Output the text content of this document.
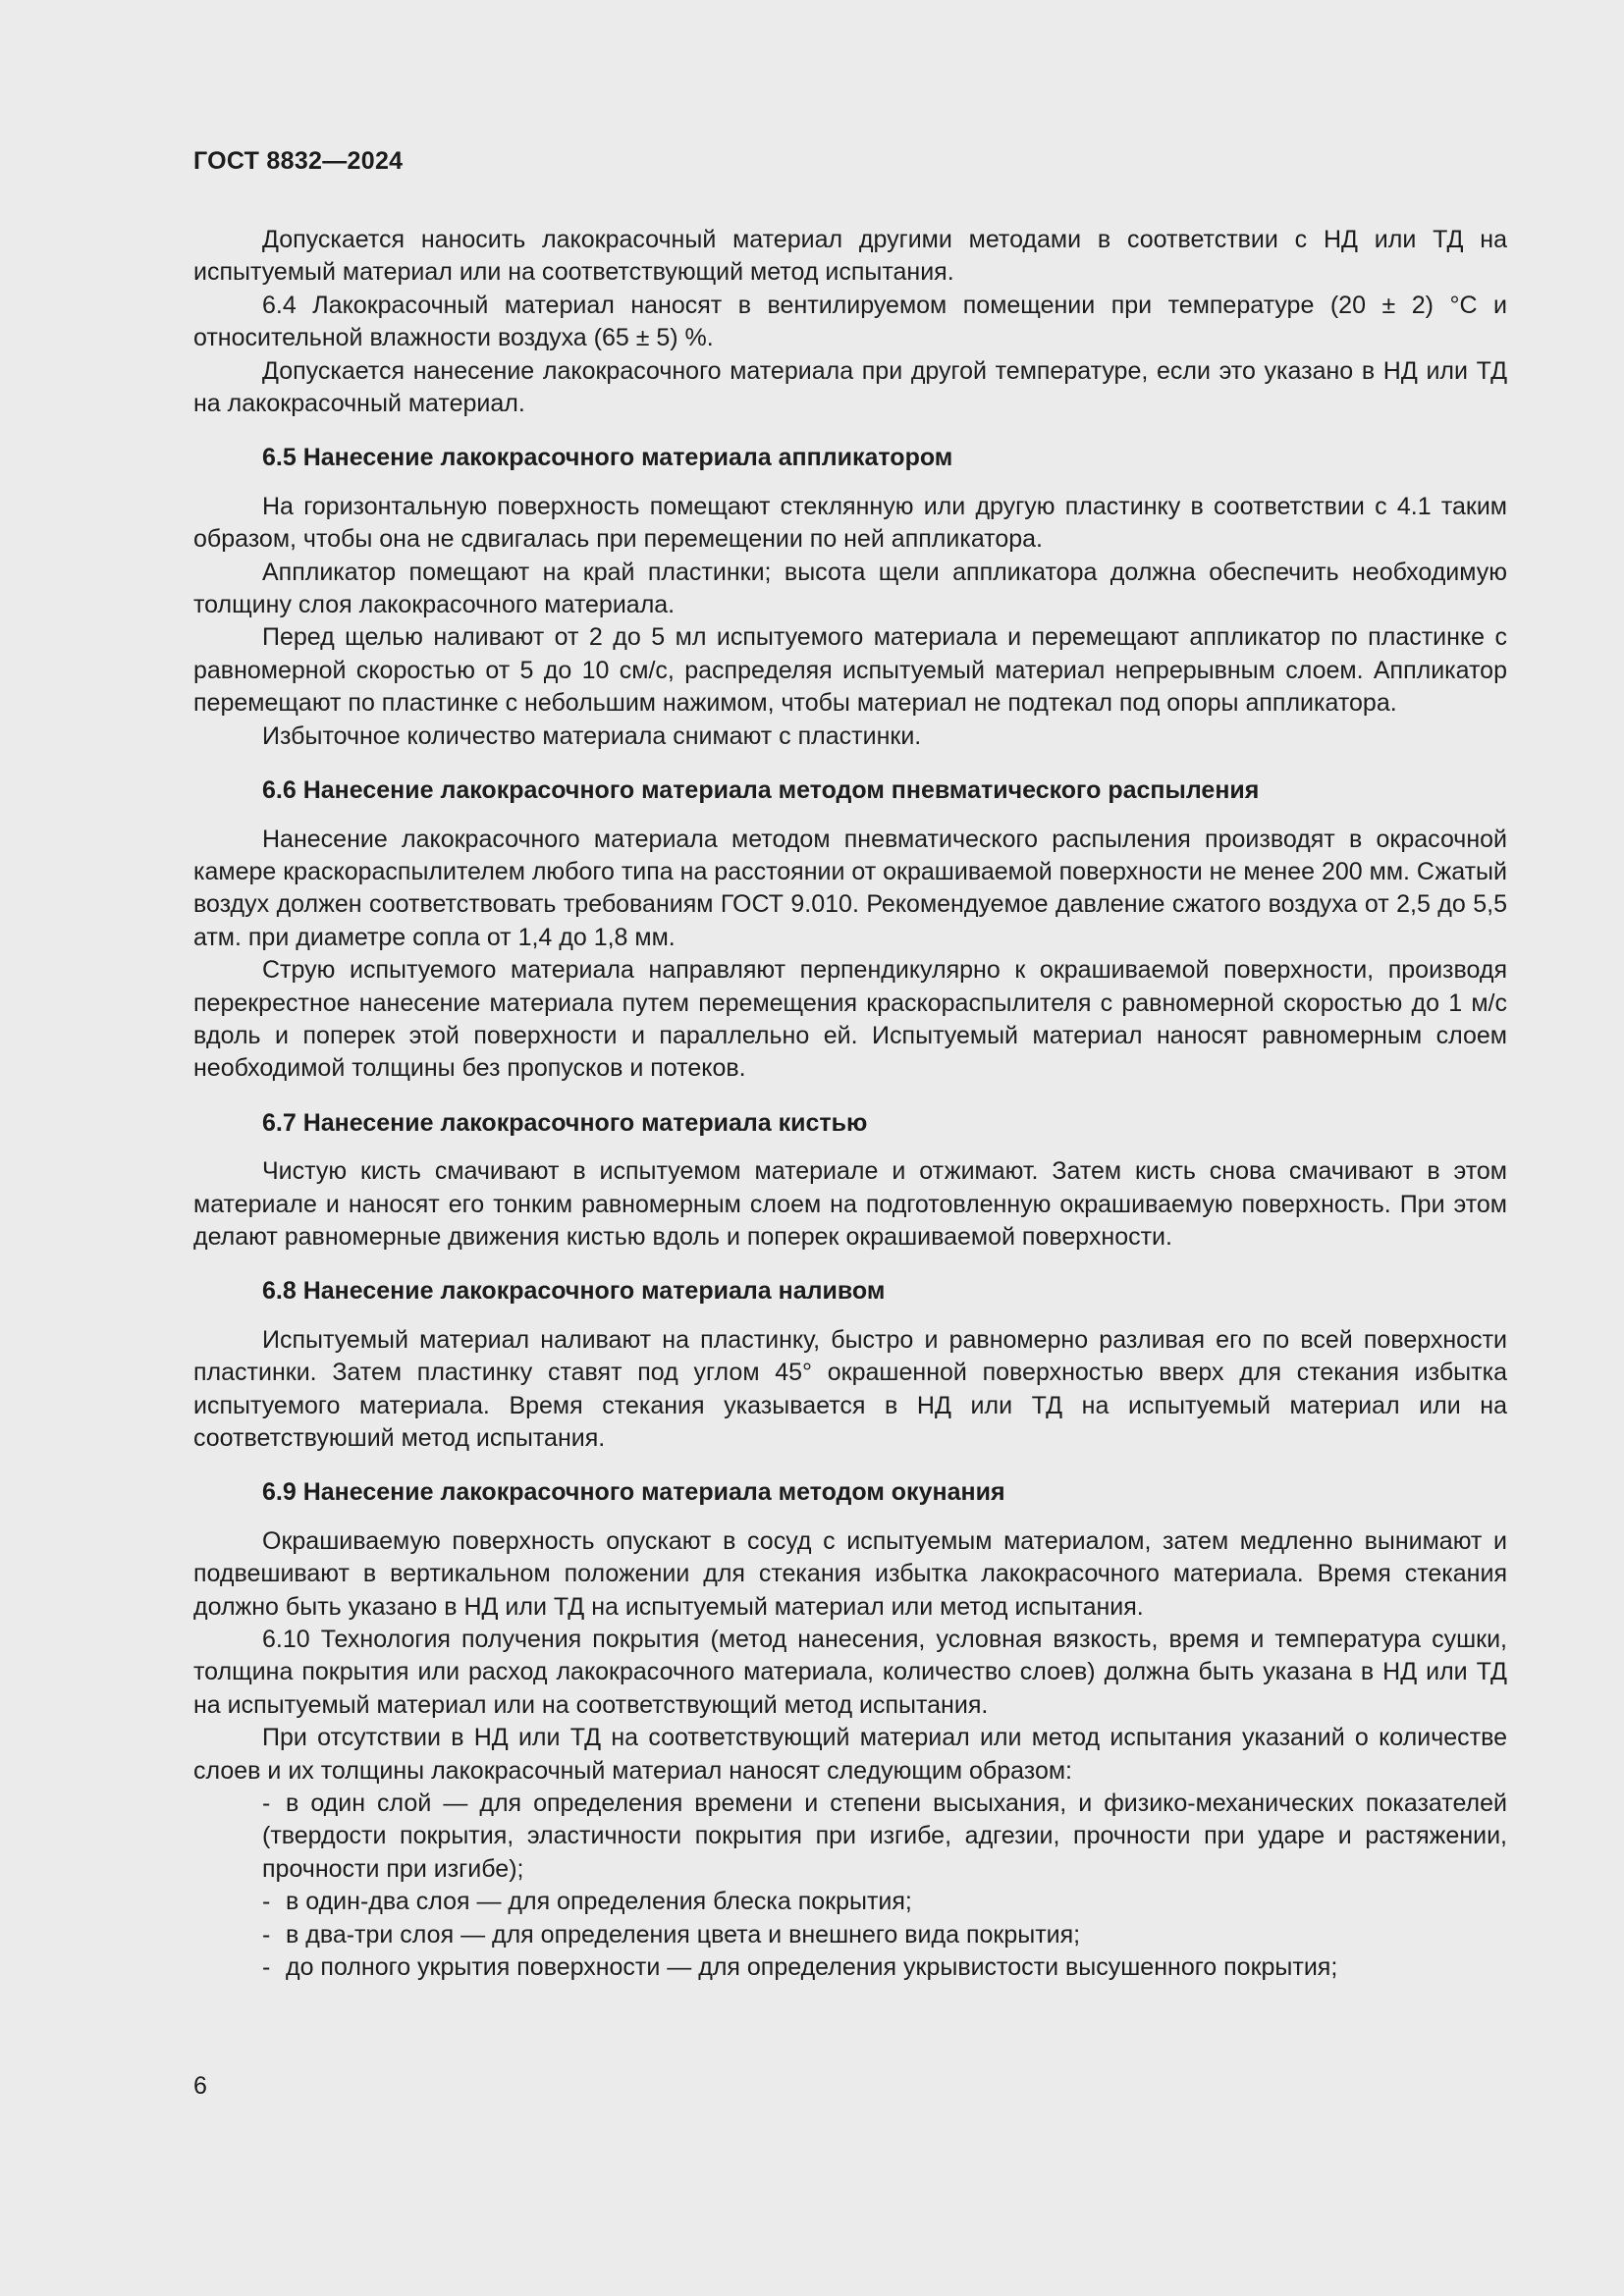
ГОСТ 8832—2024

Допускается наносить лакокрасочный материал другими методами в соответствии с НД или ТД на испытуемый материал или на соответствующий метод испытания.

6.4 Лакокрасочный материал наносят в вентилируемом помещении при температуре (20 ± 2) °С и относительной влажности воздуха (65 ± 5) %.

Допускается нанесение лакокрасочного материала при другой температуре, если это указано в НД или ТД на лакокрасочный материал.

6.5 Нанесение лакокрасочного материала аппликатором

На горизонтальную поверхность помещают стеклянную или другую пластинку в соответствии с 4.1 таким образом, чтобы она не сдвигалась при перемещении по ней аппликатора.

Аппликатор помещают на край пластинки; высота щели аппликатора должна обеспечить необходимую толщину слоя лакокрасочного материала.

Перед щелью наливают от 2 до 5 мл испытуемого материала и перемещают аппликатор по пластинке с равномерной скоростью от 5 до 10 см/с, распределяя испытуемый материал непрерывным слоем. Аппликатор перемещают по пластинке с небольшим нажимом, чтобы материал не подтекал под опоры аппликатора.

Избыточное количество материала снимают с пластинки.

6.6 Нанесение лакокрасочного материала методом пневматического распыления

Нанесение лакокрасочного материала методом пневматического распыления производят в окрасочной камере краскораспылителем любого типа на расстоянии от окрашиваемой поверхности не менее 200 мм. Сжатый воздух должен соответствовать требованиям ГОСТ 9.010. Рекомендуемое давление сжатого воздуха от 2,5 до 5,5 атм. при диаметре сопла от 1,4 до 1,8 мм.

Струю испытуемого материала направляют перпендикулярно к окрашиваемой поверхности, производя перекрестное нанесение материала путем перемещения краскораспылителя с равномерной скоростью до 1 м/с вдоль и поперек этой поверхности и параллельно ей. Испытуемый материал наносят равномерным слоем необходимой толщины без пропусков и потеков.

6.7 Нанесение лакокрасочного материала кистью

Чистую кисть смачивают в испытуемом материале и отжимают. Затем кисть снова смачивают в этом материале и наносят его тонким равномерным слоем на подготовленную окрашиваемую поверхность. При этом делают равномерные движения кистью вдоль и поперек окрашиваемой поверхности.

6.8 Нанесение лакокрасочного материала наливом

Испытуемый материал наливают на пластинку, быстро и равномерно разливая его по всей поверхности пластинки. Затем пластинку ставят под углом 45° окрашенной поверхностью вверх для стекания избытка испытуемого материала. Время стекания указывается в НД или ТД на испытуемый материал или на соответствуюший метод испытания.

6.9 Нанесение лакокрасочного материала методом окунания

Окрашиваемую поверхность опускают в сосуд с испытуемым материалом, затем медленно вынимают и подвешивают в вертикальном положении для стекания избытка лакокрасочного материала. Время стекания должно быть указано в НД или ТД на испытуемый материал или метод испытания.

6.10 Технология получения покрытия (метод нанесения, условная вязкость, время и температура сушки, толщина покрытия или расход лакокрасочного материала, количество слоев) должна быть указана в НД или ТД на испытуемый материал или на соответствующий метод испытания.

При отсутствии в НД или ТД на соответствующий материал или метод испытания указаний о количестве слоев и их толщины лакокрасочный материал наносят следующим образом:

- в один слой — для определения времени и степени высыхания, и физико-механических показателей (твердости покрытия, эластичности покрытия при изгибе, адгезии, прочности при ударе и растяжении, прочности при изгибе);

- в один-два слоя — для определения блеска покрытия;

- в два-три слоя — для определения цвета и внешнего вида покрытия;

- до полного укрытия поверхности — для определения укрывистости высушенного покрытия;

6
